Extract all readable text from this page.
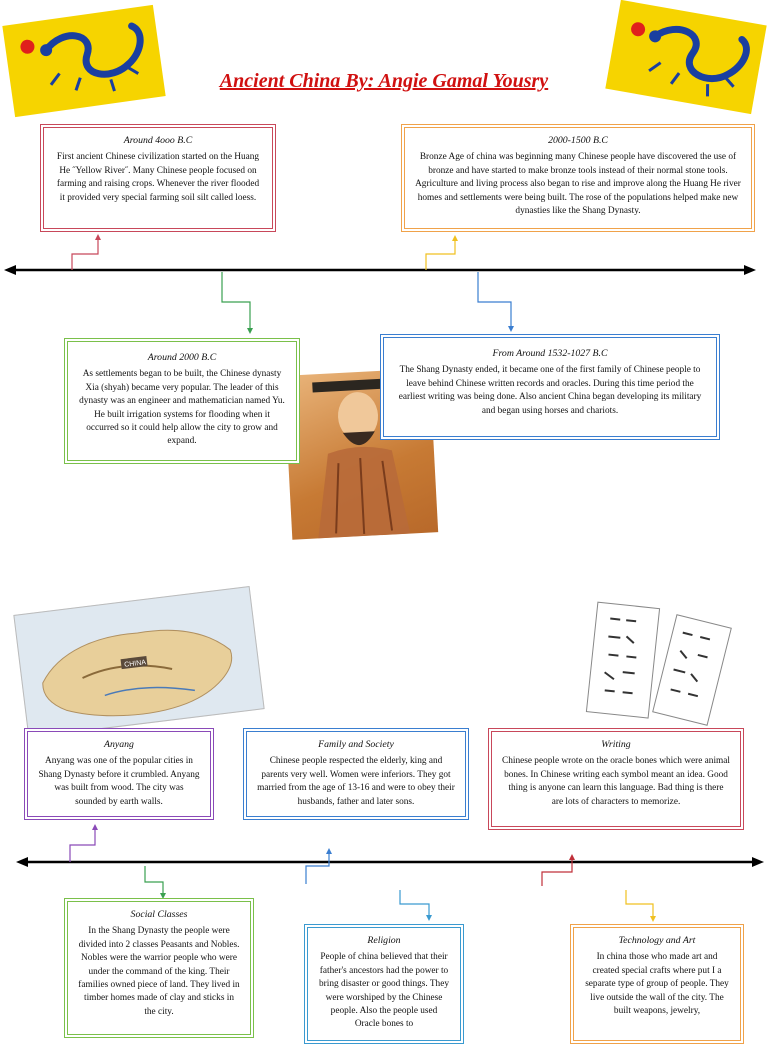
Ancient China By: Angie Gamal Yousry
Around 4ooo B.C
First ancient Chinese civilization started on the Huang He ˝Yellow River˝. Many Chinese people focused on farming and raising crops. Whenever the river flooded it provided very special farming soil silt called loess.
2000-1500 B.C
Bronze Age of china was beginning many Chinese people have discovered the use of bronze and have started to make bronze tools instead of their normal stone tools. Agriculture and living process also began to rise and improve along the Huang He river homes and settlements were being built. The rose of the populations helped make new dynasties like the Shang Dynasty.
Around 2000 B.C
As settlements began to be built, the Chinese dynasty Xia (shyah) became very popular. The leader of this dynasty was an engineer and mathematician named Yu. He built irrigation systems for flooding when it occurred so it could help allow the city to grow and expand.
From Around 1532-1027 B.C
The Shang Dynasty ended, it became one of the first family of Chinese people to leave behind Chinese written records and oracles. During this time period the earliest writing was being done. Also ancient China began developing its military and began using horses and chariots.
CHINA
Anyang
Anyang was one of the popular cities in Shang Dynasty before it crumbled. Anyang was built from wood. The city was sounded by earth walls.
Family and Society
Chinese people respected the elderly, king and parents very well. Women were inferiors. They got married from the age of 13-16 and were to obey their husbands, father and later sons.
Writing
Chinese people wrote on the oracle bones which were animal bones. In Chinese writing each symbol meant an idea. Good thing is anyone can learn this language. Bad thing is there are lots of characters to memorize.
Social Classes
In the Shang Dynasty the people were divided into 2 classes Peasants and Nobles. Nobles were the warrior people who were under the command of the king. Their families owned piece of land. They lived in timber homes made of clay and sticks in the city.
Religion
People of china believed that their father's ancestors had the power to bring disaster or good things. They were worshiped by the Chinese people. Also the people used Oracle bones to
Technology and Art
In china those who made art and created special crafts where put I a separate type of group of people. They live outside the wall of the city. The built weapons, jewelry,
